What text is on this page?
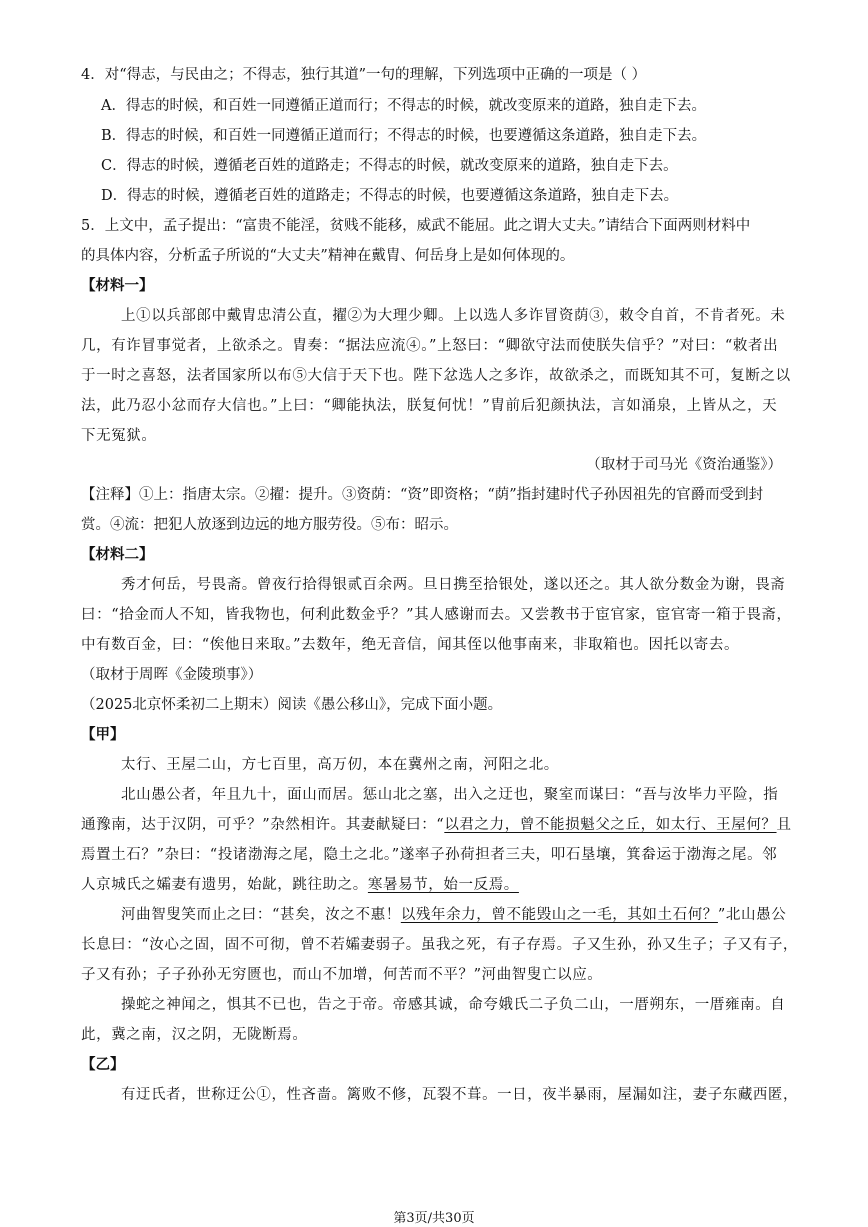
4．对“得志，与民由之；不得志，独行其道”一句的理解，下列选项中正确的一项是（ ）
A．得志的时候，和百姓一同遵循正道而行；不得志的时候，就改变原来的道路，独自走下去。
B．得志的时候，和百姓一同遵循正道而行；不得志的时候，也要遵循这条道路，独自走下去。
C．得志的时候，遵循老百姓的道路走；不得志的时候，就改变原来的道路，独自走下去。
D．得志的时候，遵循老百姓的道路走；不得志的时候，也要遵循这条道路，独自走下去。
5．上文中，孟子提出：“富贵不能淫，贫贱不能移，威武不能屈。此之谓大丈夫。”请结合下面两则材料中
的具体内容，分析孟子所说的“大丈夫”精神在戴胄、何岳身上是如何体现的。
【材料一】
上①以兵部郎中戴胄忠清公直，擢②为大理少卿。上以选人多诈冒资荫③，敕令自首，不肯者死。未
几，有诈冒事觉者，上欲杀之。胄奏：“据法应流④。”上怒曰：“卿欲守法而使朕失信乎？”对曰：“敕者出
于一时之喜怒，法者国家所以布⑤大信于天下也。陛下忿选人之多诈，故欲杀之，而既知其不可，复断之以
法，此乃忍小忿而存大信也。”上曰：“卿能执法，朕复何忧！”胄前后犯颜执法，言如涌泉，上皆从之，天
下无冤狱。
（取材于司马光《资治通鉴》）
【注释】①上：指唐太宗。②擢：提升。③资荫：“资”即资格；“荫”指封建时代子孙因祖先的官爵而受到封
赏。④流：把犯人放逐到边远的地方服劳役。⑤布：昭示。
【材料二】
秀才何岳，号畏斋。曾夜行拾得银贰百余两。旦日携至拾银处，遂以还之。其人欲分数金为谢，畏斋
曰：“拾金而人不知，皆我物也，何利此数金乎？”其人感谢而去。又尝教书于宦官家，宦官寄一箱于畏斋，
中有数百金，曰：“俟他日来取。”去数年，绝无音信，闻其侄以他事南来，非取箱也。因托以寄去。
（取材于周晖《金陵琐事》）
（2025北京怀柔初二上期末）阅读《愚公移山》，完成下面小题。
【甲】
太行、王屋二山，方七百里，高万仞，本在冀州之南，河阳之北。
北山愚公者，年且九十，面山而居。惩山北之塞，出入之迂也，聚室而谋曰：“吾与汝毕力平险，指
通豫南，达于汉阴，可乎？”杂然相许。其妻献疑曰：“以君之力，曾不能损魁父之丘，如太行、王屋何？且
焉置土石？”杂曰：“投诸渤海之尾，隐土之北。”遂率子孙荷担者三夫，叩石垦壤，箕畚运于渤海之尾。邻
人京城氏之孀妻有遗男，始龀，跳往助之。寒暑易节，始一反焉。
河曲智叟笑而止之曰：“甚矣，汝之不惠！以残年余力，曾不能毁山之一毛，其如土石何？”北山愚公
长息曰：“汝心之固，固不可彻，曾不若孀妻弱子。虽我之死，有子存焉。子又生孙，孙又生子；子又有子，
子又有孙；子子孙孙无穷匮也，而山不加增，何苦而不平？”河曲智叟亡以应。
操蛇之神闻之，惧其不已也，告之于帝。帝感其诚，命夸娥氏二子负二山，一厝朔东，一厝雍南。自
此，冀之南，汉之阴，无陇断焉。
【乙】
有迂氏者，世称迂公①，性吝啬。篱败不修，瓦裂不葺。一日，夜半暴雨，屋漏如注，妻子东藏西匿，
第3页/共30页
